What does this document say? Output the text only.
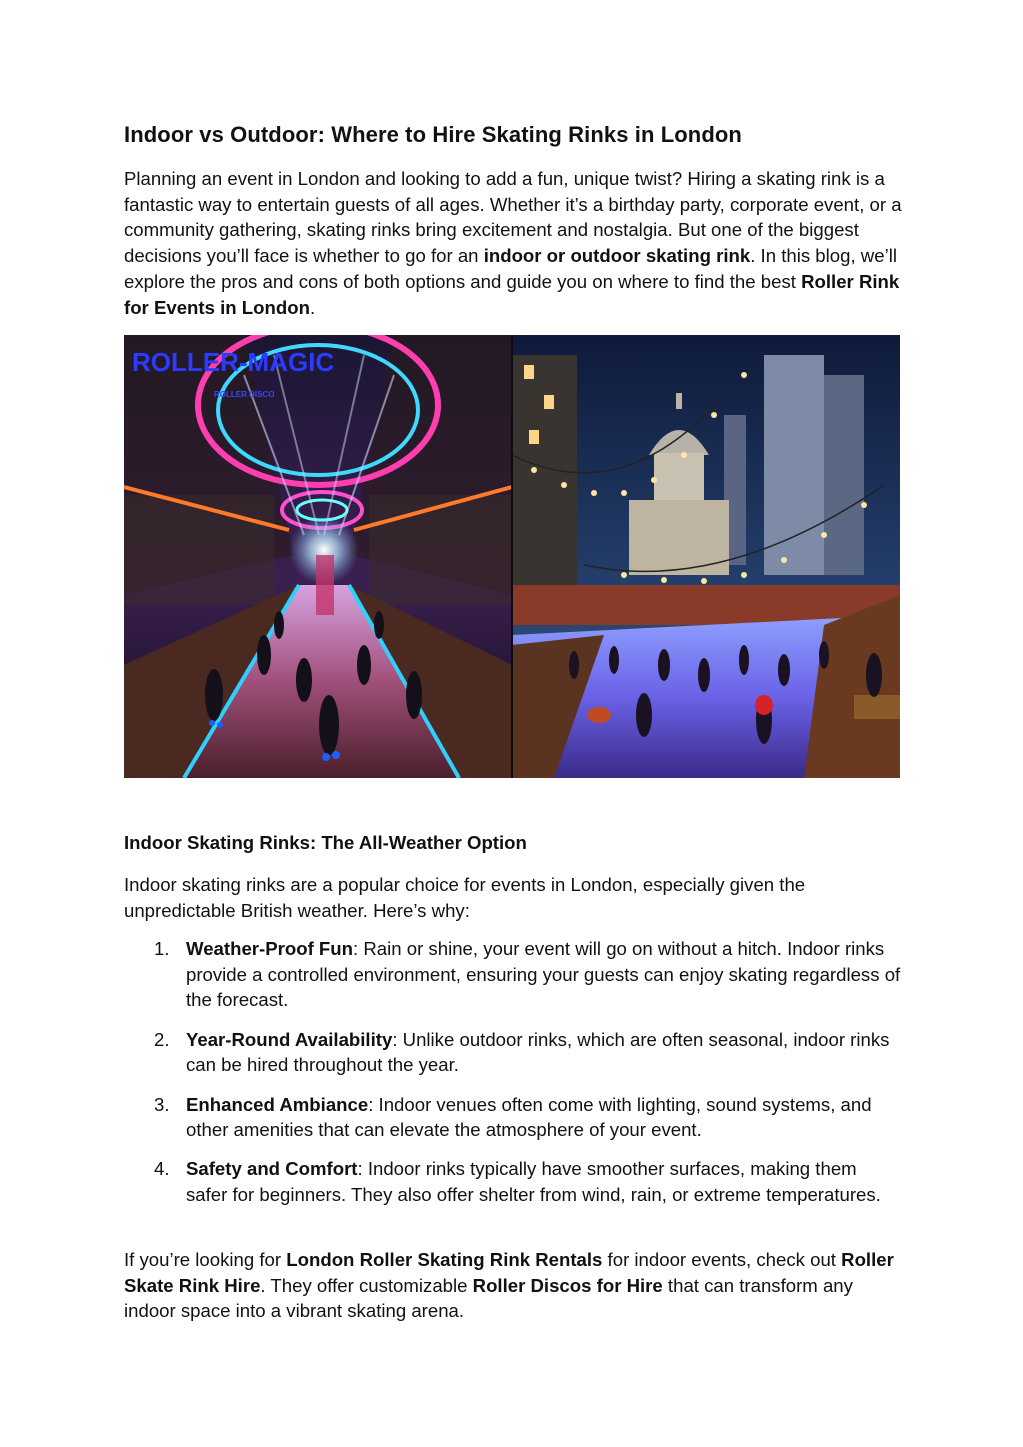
Indoor vs Outdoor: Where to Hire Skating Rinks in London

Planning an event in London and looking to add a fun, unique twist? Hiring a skating rink is a fantastic way to entertain guests of all ages. Whether it’s a birthday party, corporate event, or a community gathering, skating rinks bring excitement and nostalgia. But one of the biggest decisions you’ll face is whether to go for an indoor or outdoor skating rink. In this blog, we’ll explore the pros and cons of both options and guide you on where to find the best Roller Rink for Events in London.

ROLLER-MAGIC
ROLLER DISCO
Indoor Skating Rinks: The All-Weather Option

Indoor skating rinks are a popular choice for events in London, especially given the unpredictable British weather. Here’s why:

1. Weather-Proof Fun: Rain or shine, your event will go on without a hitch. Indoor rinks provide a controlled environment, ensuring your guests can enjoy skating regardless of the forecast.
2. Year-Round Availability: Unlike outdoor rinks, which are often seasonal, indoor rinks can be hired throughout the year.
3. Enhanced Ambiance: Indoor venues often come with lighting, sound systems, and other amenities that can elevate the atmosphere of your event.
4. Safety and Comfort: Indoor rinks typically have smoother surfaces, making them safer for beginners. They also offer shelter from wind, rain, or extreme temperatures.

If you’re looking for London Roller Skating Rink Rentals for indoor events, check out Roller Skate Rink Hire. They offer customizable Roller Discos for Hire that can transform any indoor space into a vibrant skating arena.
